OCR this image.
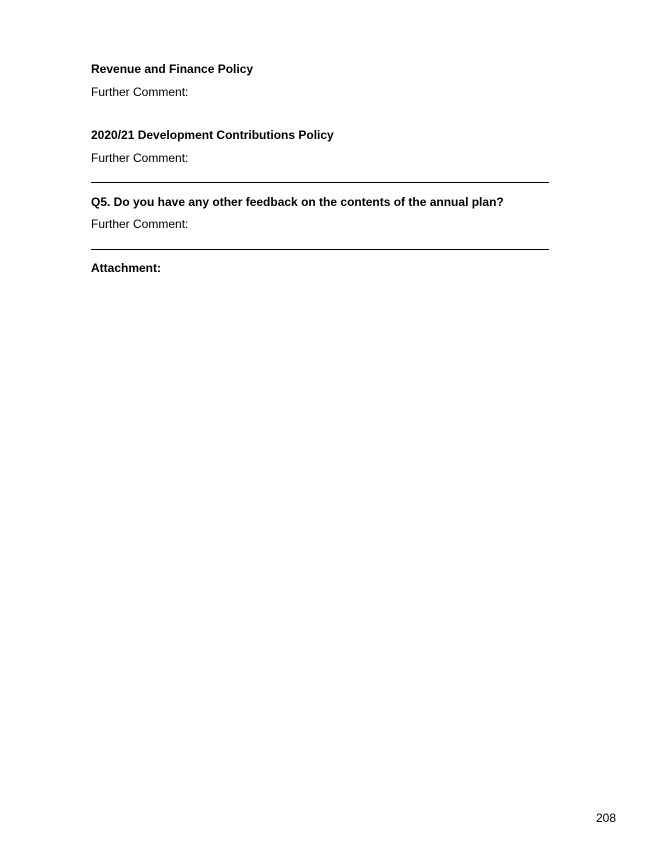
Revenue and Finance Policy
Further Comment:
2020/21 Development Contributions Policy
Further Comment:
Q5. Do you have any other feedback on the contents of the annual plan?
Further Comment:
Attachment:
208
